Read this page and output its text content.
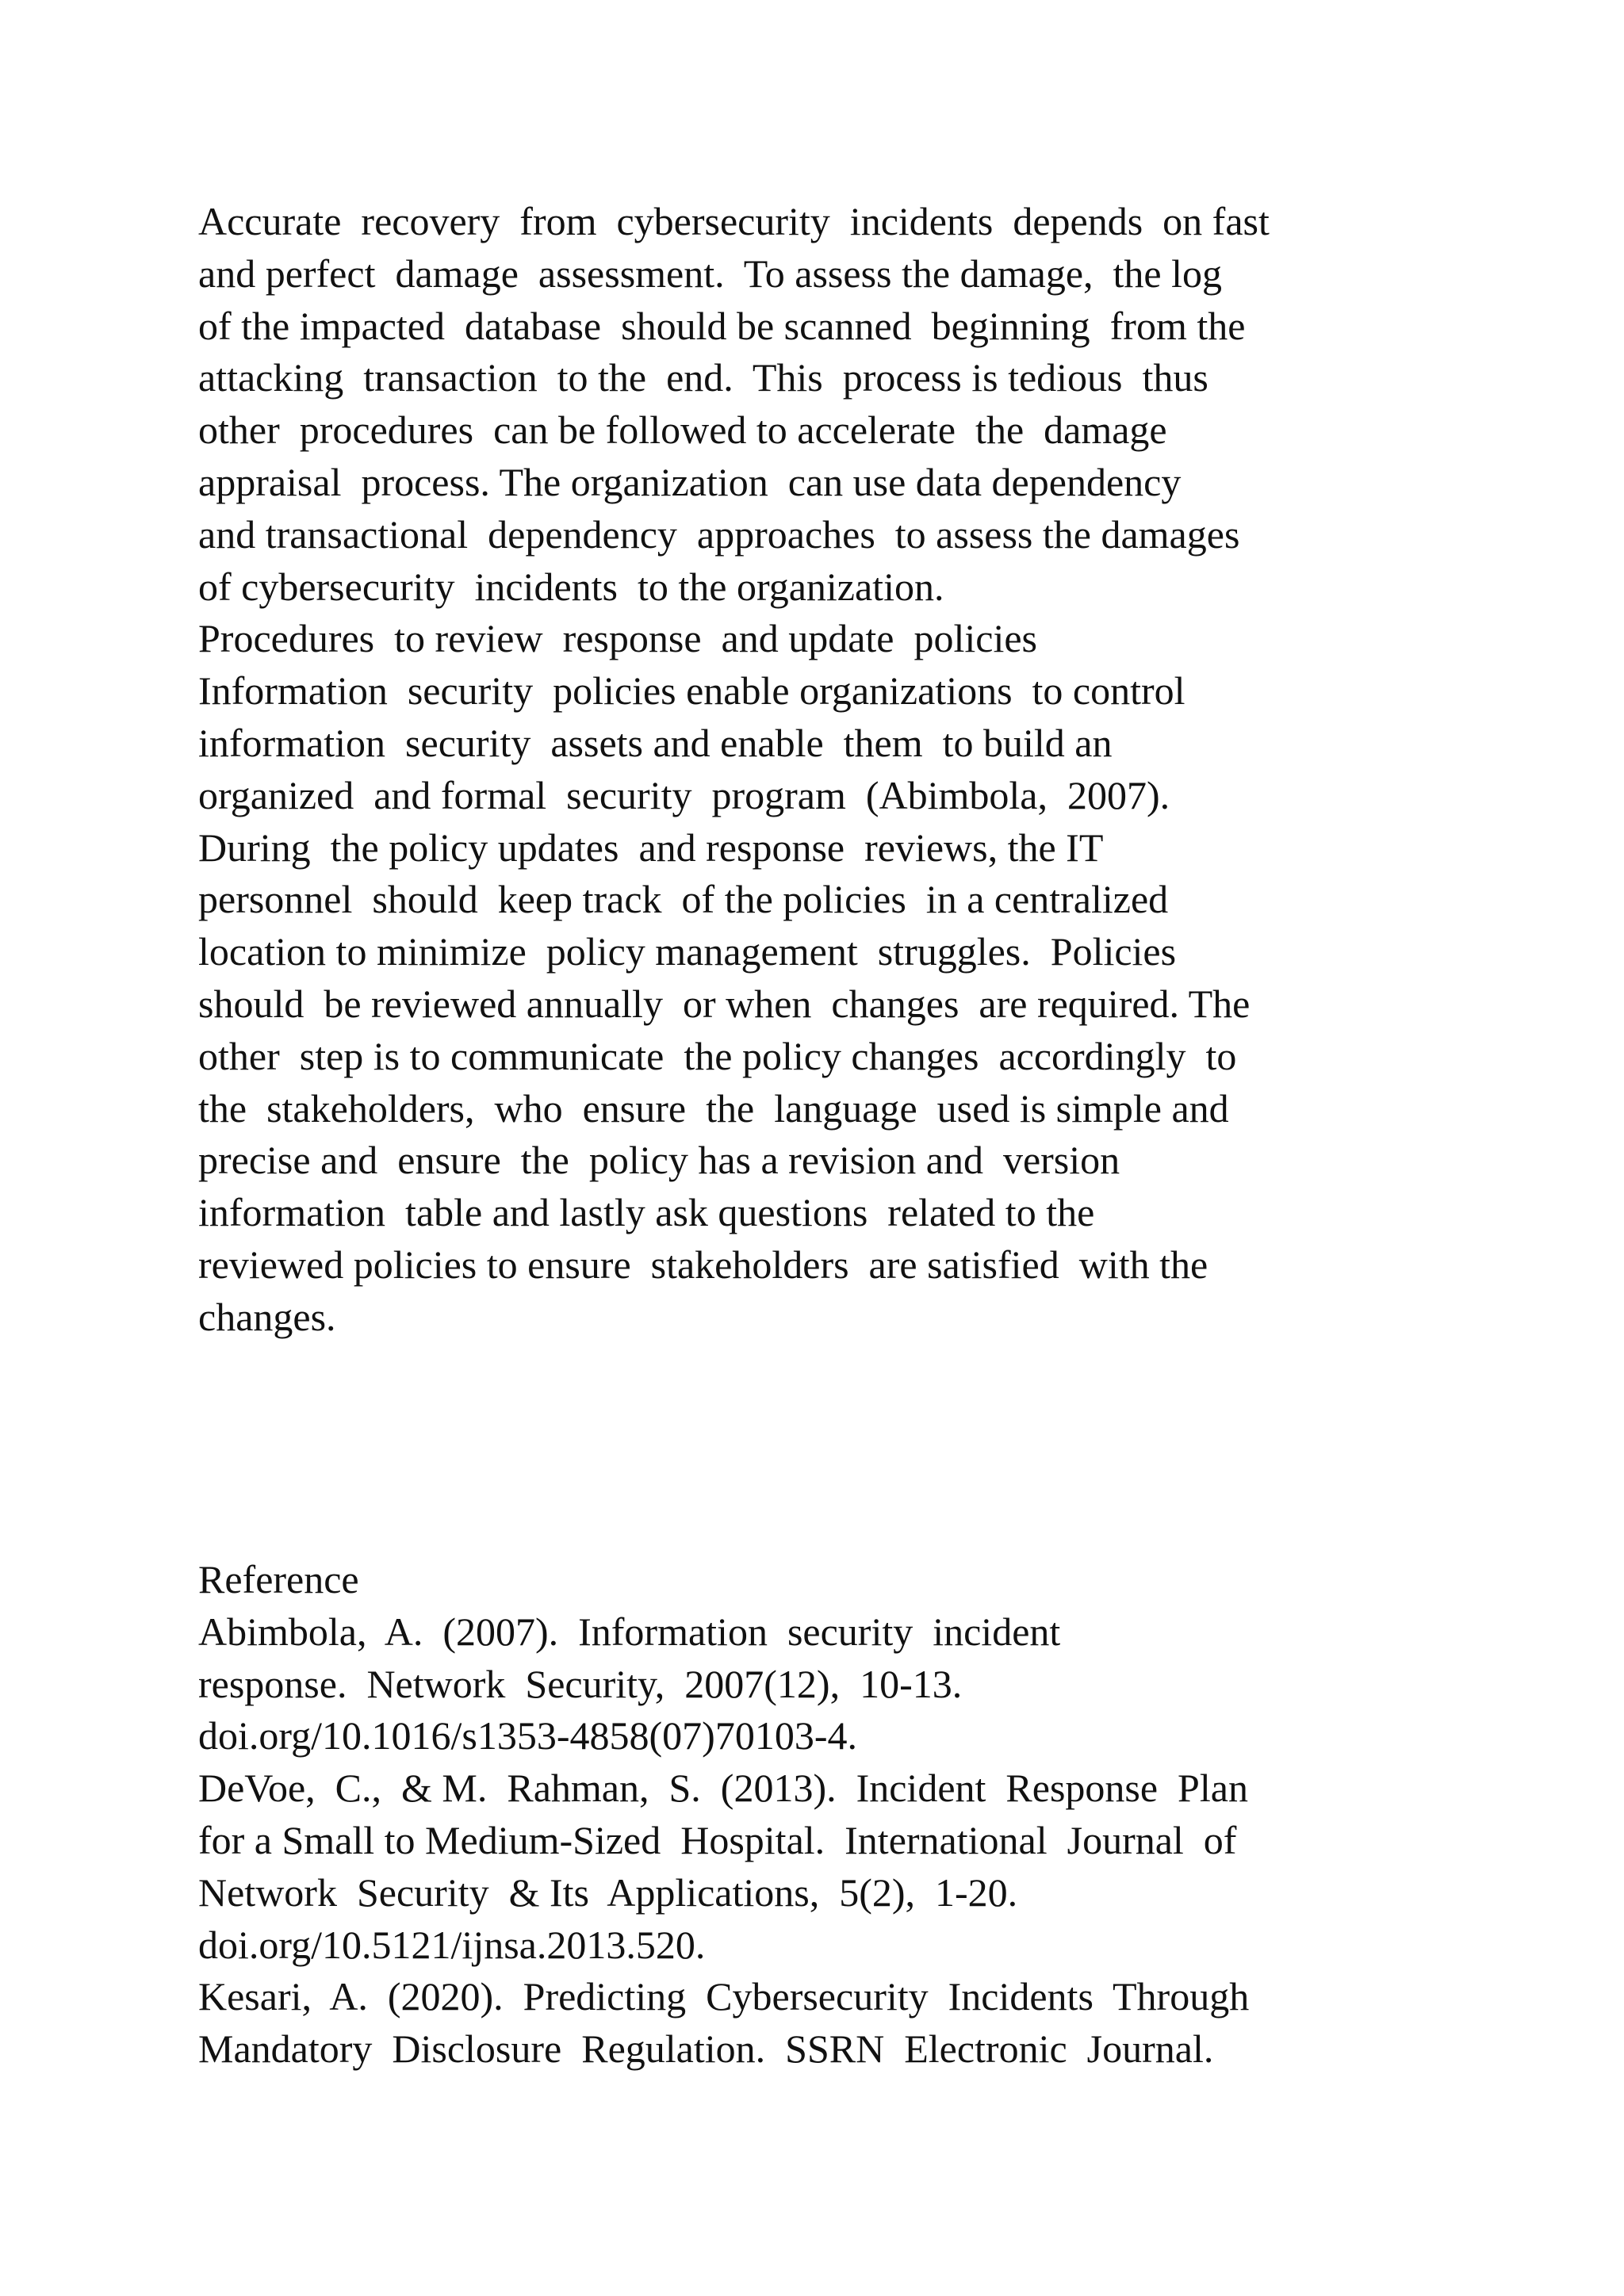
Accurate  recovery  from  cybersecurity  incidents  depends  on fast
and perfect  damage  assessment.  To assess the damage,  the log
of the impacted  database  should be scanned  beginning  from the
attacking  transaction  to the  end.  This  process is tedious  thus
other  procedures  can be followed to accelerate  the  damage
appraisal  process. The organization  can use data dependency
and transactional  dependency  approaches  to assess the damages
of cybersecurity  incidents  to the organization.
Procedures  to review  response  and update  policies
Information  security  policies enable organizations  to control
information  security  assets and enable  them  to build an
organized  and formal  security  program  (Abimbola,  2007).
During  the policy updates  and response  reviews, the IT
personnel  should  keep track  of the policies  in a centralized
location to minimize  policy management  struggles.  Policies
should  be reviewed annually  or when  changes  are required. The
other  step is to communicate  the policy changes  accordingly  to
the  stakeholders,  who  ensure  the  language  used is simple and
precise and  ensure  the  policy has a revision and  version
information  table and lastly ask questions  related to the
reviewed policies to ensure  stakeholders  are satisfied  with the
changes.
Reference
Abimbola,  A.  (2007).  Information  security  incident
response.  Network  Security,  2007(12),  10-13.
doi.org/10.1016/s1353-4858(07)70103-4.
DeVoe,  C.,  & M.  Rahman,  S.  (2013).  Incident  Response  Plan
for a Small to Medium-Sized  Hospital.  International  Journal  of
Network  Security  & Its  Applications,  5(2),  1-20.
doi.org/10.5121/ijnsa.2013.520.
Kesari,  A.  (2020).  Predicting  Cybersecurity  Incidents  Through
Mandatory  Disclosure  Regulation.  SSRN  Electronic  Journal.
